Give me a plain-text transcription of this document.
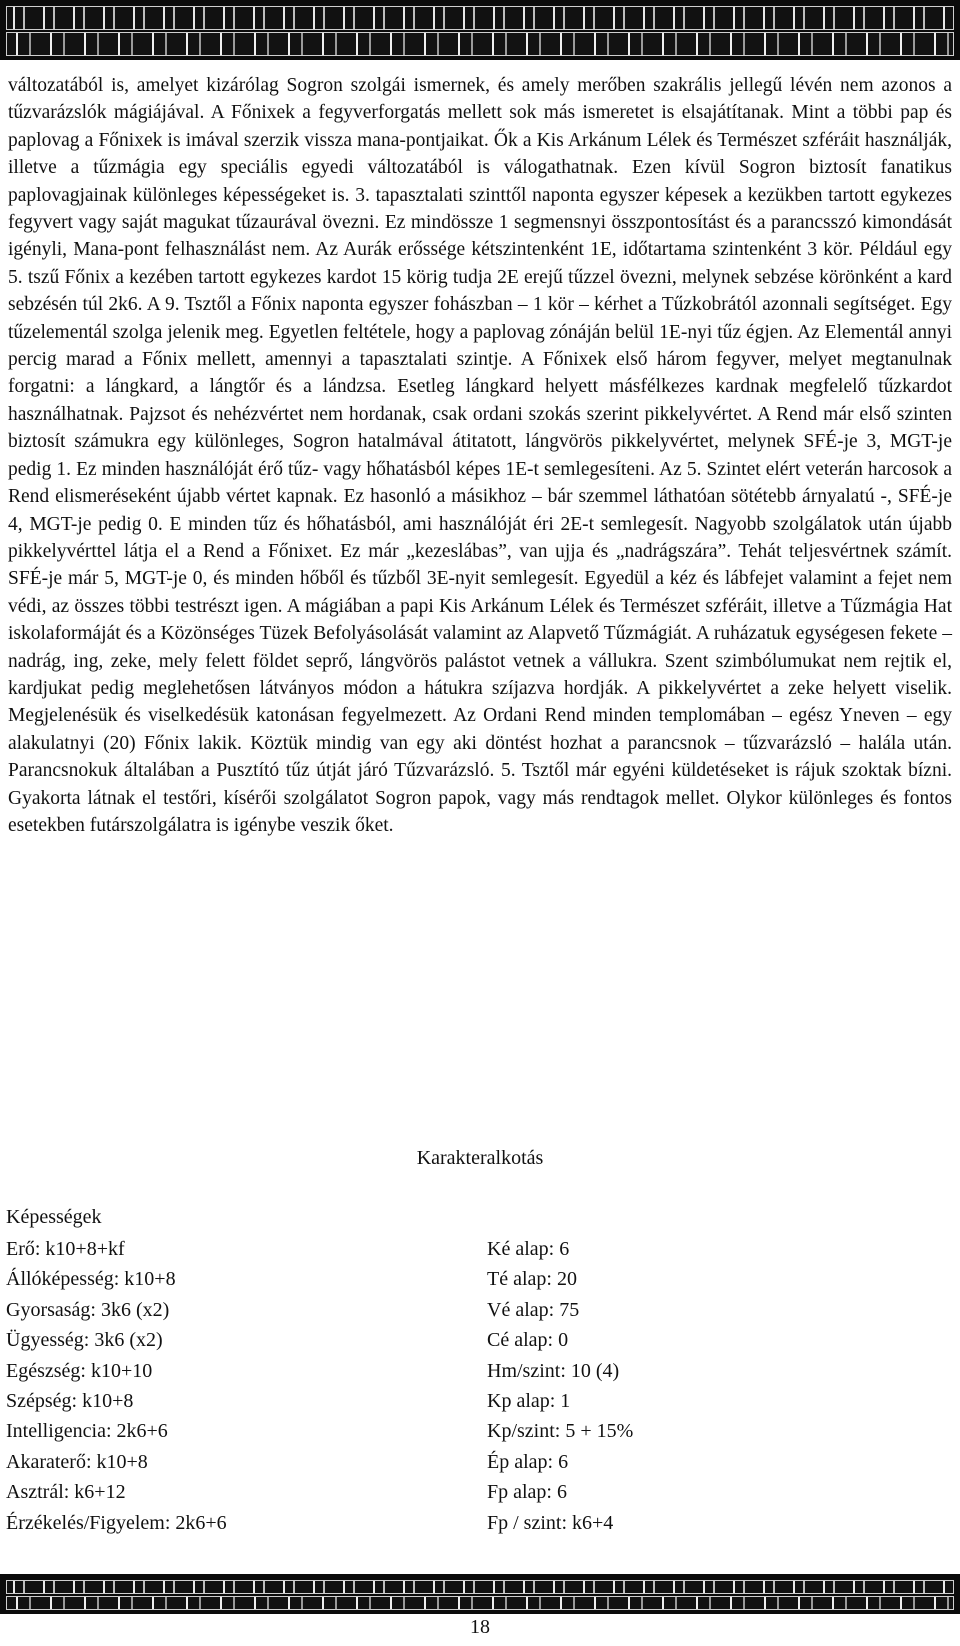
változatából is, amelyet kizárólag Sogron szolgái ismernek, és amely merőben szakrális jellegű lévén nem azonos a tűzvarázslók mágiájával. A Főnixek a fegyverforgatás mellett sok más ismeretet is elsajátítanak. Mint a többi pap és paplovag a Főnixek is imával szerzik vissza mana-pontjaikat. Ők a Kis Arkánum Lélek és Természet szféráit használják, illetve a tűzmágia egy speciális egyedi változatából is válogathatnak. Ezen kívül Sogron biztosít fanatikus paplovagjainak különleges képességeket is. 3. tapasztalati szinttől naponta egyszer képesek a kezükben tartott egykezes fegyvert vagy saját magukat tűzaurával övezni. Ez mindössze 1 segmensnyi összpontosítást és a parancsszó kimondását igényli, Mana-pont felhasználást nem. Az Aurák erőssége kétszintenként 1E, időtartama szintenként 3 kör. Például egy 5. tszű Főnix a kezében tartott egykezes kardot 15 körig tudja 2E erejű tűzzel övezni, melynek sebzése körönként a kard sebzésén túl 2k6. A 9. Tsztől a Főnix naponta egyszer fohászban – 1 kör – kérhet a Tűzkobrától azonnali segítséget. Egy tűzelementál szolga jelenik meg. Egyetlen feltétele, hogy a paplovag zónáján belül 1E-nyi tűz égjen. Az Elementál annyi percig marad a Főnix mellett, amennyi a tapasztalati szintje. A Főnixek első három fegyver, melyet megtanulnak forgatni: a lángkard, a lángtőr és a lándzsa. Esetleg lángkard helyett másfélkezes kardnak megfelelő tűzkardot használhatnak. Pajzsot és nehézvértet nem hordanak, csak ordani szokás szerint pikkelyvértet. A Rend már első szinten biztosít számukra egy különleges, Sogron hatalmával átitatott, lángvörös pikkelyvértet, melynek SFÉ-je 3, MGT-je pedig 1. Ez minden használóját érő tűz- vagy hőhatásból képes 1E-t semlegesíteni. Az 5. Szintet elért veterán harcosok a Rend elismeréseként újabb vértet kapnak. Ez hasonló a másikhoz – bár szemmel láthatóan sötétebb árnyalatú -, SFÉ-je 4, MGT-je pedig 0. E minden tűz és hőhatásból, ami használóját éri 2E-t semlegesít. Nagyobb szolgálatok után újabb pikkelyvérttel látja el a Rend a Főnixet. Ez már „kezeslábas”, van ujja és „nadrágszára”. Tehát teljesvértnek számít. SFÉ-je már 5, MGT-je 0, és minden hőből és tűzből 3E-nyit semlegesít. Egyedül a kéz és lábfejet valamint a fejet nem védi, az összes többi testrészt igen. A mágiában a papi Kis Arkánum Lélek és Természet szféráit, illetve a Tűzmágia Hat iskolaformáját és a Közönséges Tüzek Befolyásolását valamint az Alapvető Tűzmágiát. A ruházatuk egységesen fekete – nadrág, ing, zeke, mely felett földet seprő, lángvörös palástot vetnek a vállukra. Szent szimbólumukat nem rejtik el, kardjukat pedig meglehetősen látványos módon a hátukra szíjazva hordják. A pikkelyvértet a zeke helyett viselik. Megjelenésük és viselkedésük katonásan fegyelmezett. Az Ordani Rend minden templomában – egész Yneven – egy alakulatnyi (20) Főnix lakik. Köztük mindig van egy aki döntést hozhat a parancsnok – tűzvarázsló – halála után. Parancsnokuk általában a Pusztító tűz útját járó Tűzvarázsló. 5. Tsztől már egyéni küldetéseket is rájuk szoktak bízni. Gyakorta látnak el testőri, kísérői szolgálatot Sogron papok, vagy más rendtagok mellet. Olykor különleges és fontos esetekben futárszolgálatra is igénybe veszik őket.

Karakteralkotás
Képességek
Erő: k10+8+kf
Állóképesség: k10+8
Gyorsaság: 3k6 (x2)
Ügyesség: 3k6 (x2)
Egészség: k10+10
Szépség: k10+8
Intelligencia: 2k6+6
Akaraterő: k10+8
Asztrál: k6+12
Érzékelés/Figyelem: 2k6+6
Ké alap: 6
Té alap: 20
Vé alap: 75
Cé alap: 0
Hm/szint: 10 (4)
Kp alap: 1
Kp/szint: 5 + 15%
Ép alap: 6
Fp alap: 6
Fp / szint: k6+4
18
